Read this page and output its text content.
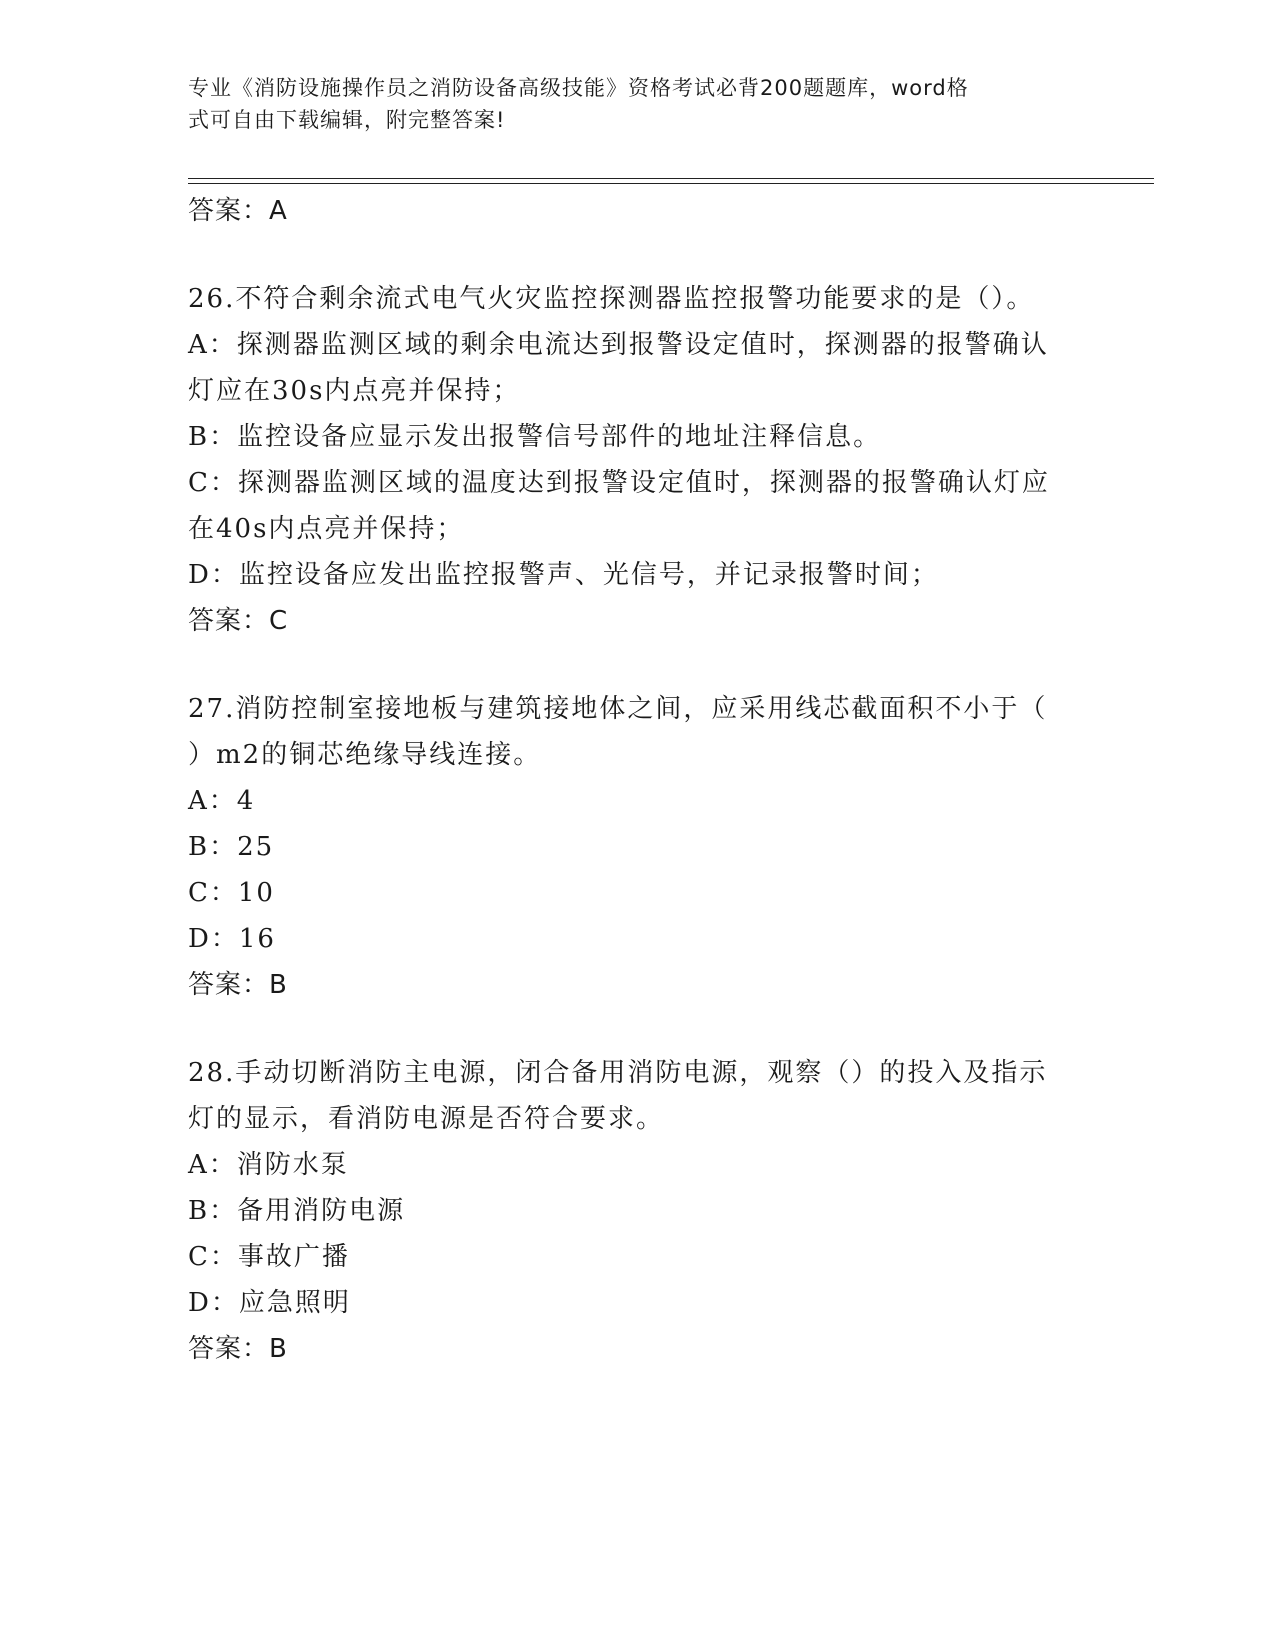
专业《消防设施操作员之消防设备高级技能》资格考试必背200题题库，word格
式可自由下载编辑，附完整答案!
答案：A
26.不符合剩余流式电气火灾监控探测器监控报警功能要求的是（）。
A：探测器监测区域的剩余电流达到报警设定值时，探测器的报警确认
灯应在30s内点亮并保持；
B：监控设备应显示发出报警信号部件的地址注释信息。
C：探测器监测区域的温度达到报警设定值时，探测器的报警确认灯应
在40s内点亮并保持；
D：监控设备应发出监控报警声、光信号，并记录报警时间；
答案：C
27.消防控制室接地板与建筑接地体之间，应采用线芯截面积不小于（
）m2的铜芯绝缘导线连接。
A：4
B：25
C：10
D：16
答案：B
28.手动切断消防主电源，闭合备用消防电源，观察（）的投入及指示
灯的显示，看消防电源是否符合要求。
A：消防水泵
B：备用消防电源
C：事故广播
D：应急照明
答案：B
